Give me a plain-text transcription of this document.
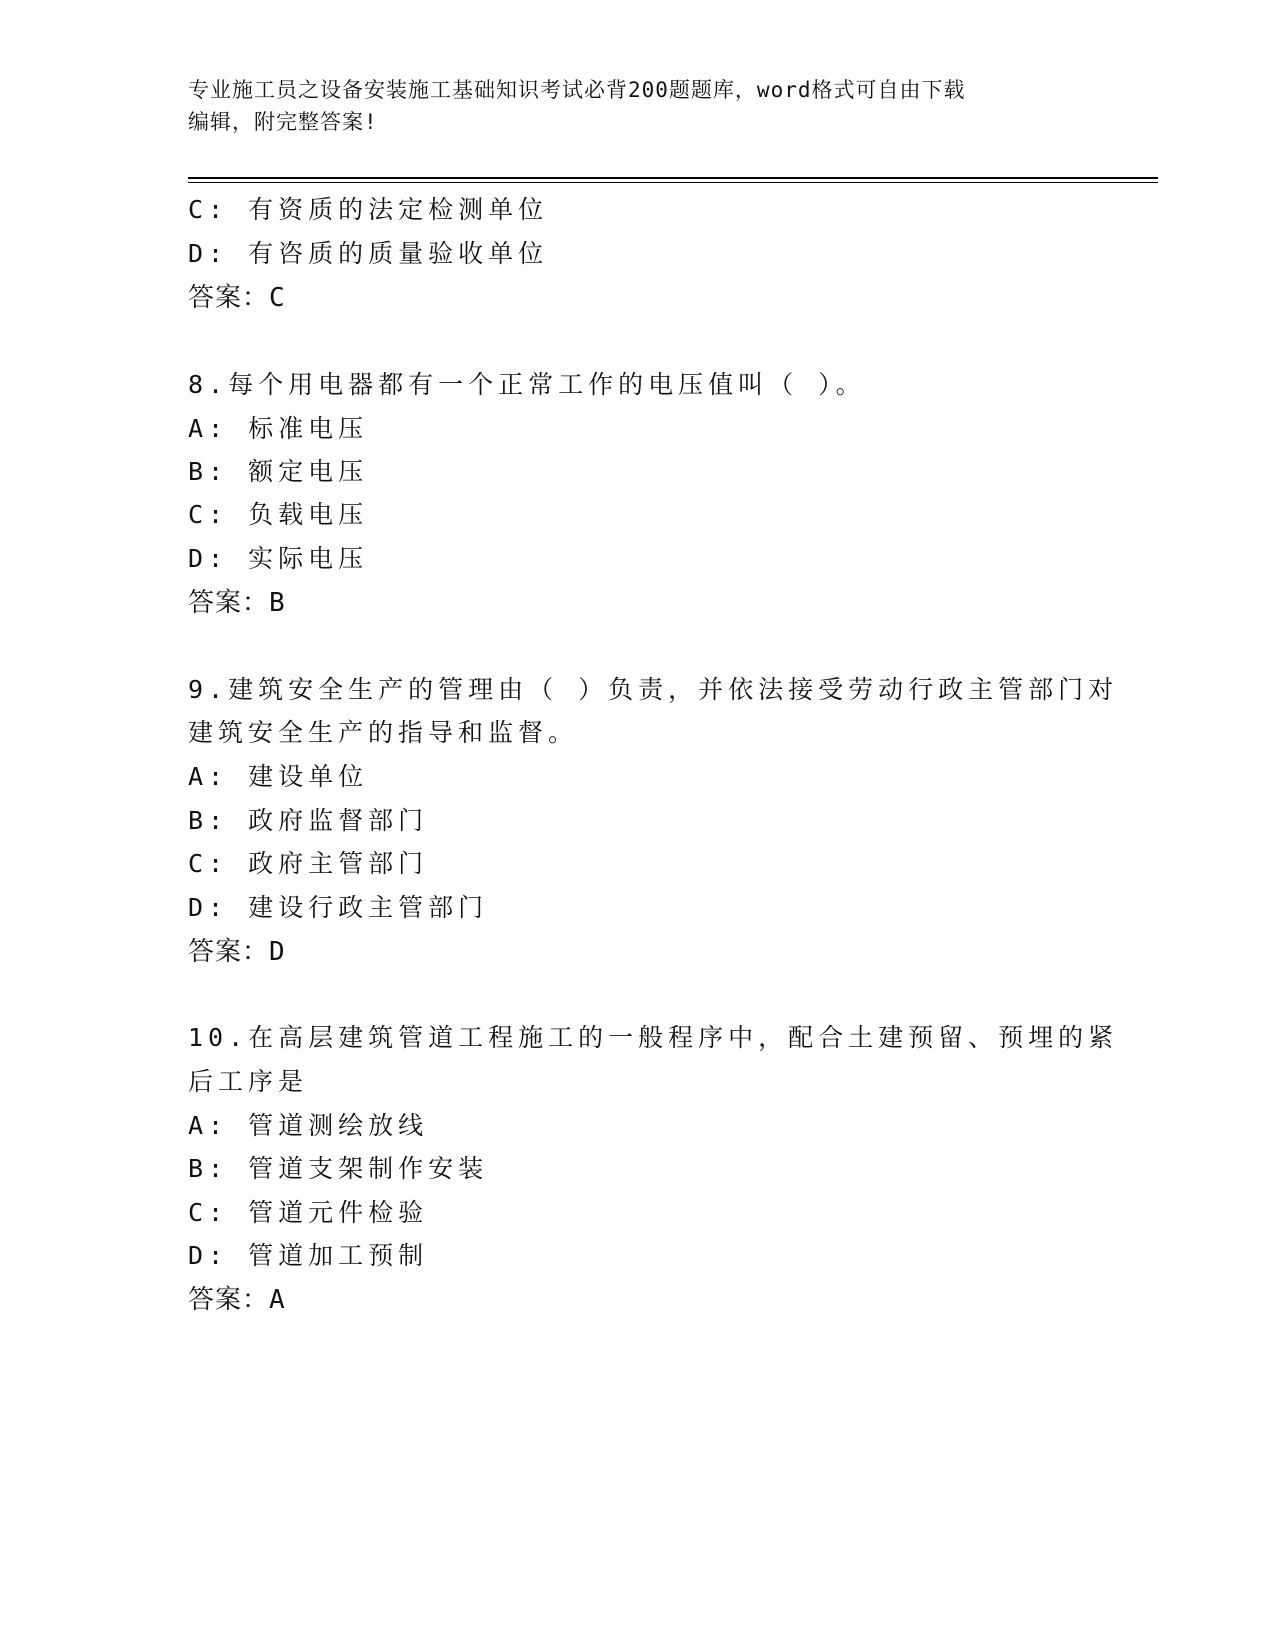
专业施工员之设备安装施工基础知识考试必背200题题库，word格式可自由下载
编辑，附完整答案!
C: 有资质的法定检测单位
D: 有咨质的质量验收单位
答案：C
8.每个用电器都有一个正常工作的电压值叫（ ）。
A: 标准电压
B: 额定电压
C: 负载电压
D: 实际电压
答案：B
9.建筑安全生产的管理由（ ）负责，并依法接受劳动行政主管部门对
建筑安全生产的指导和监督。
A: 建设单位
B: 政府监督部门
C: 政府主管部门
D: 建设行政主管部门
答案：D
10.在高层建筑管道工程施工的一般程序中，配合土建预留、预埋的紧
后工序是
A: 管道测绘放线
B: 管道支架制作安装
C: 管道元件检验
D: 管道加工预制
答案：A
